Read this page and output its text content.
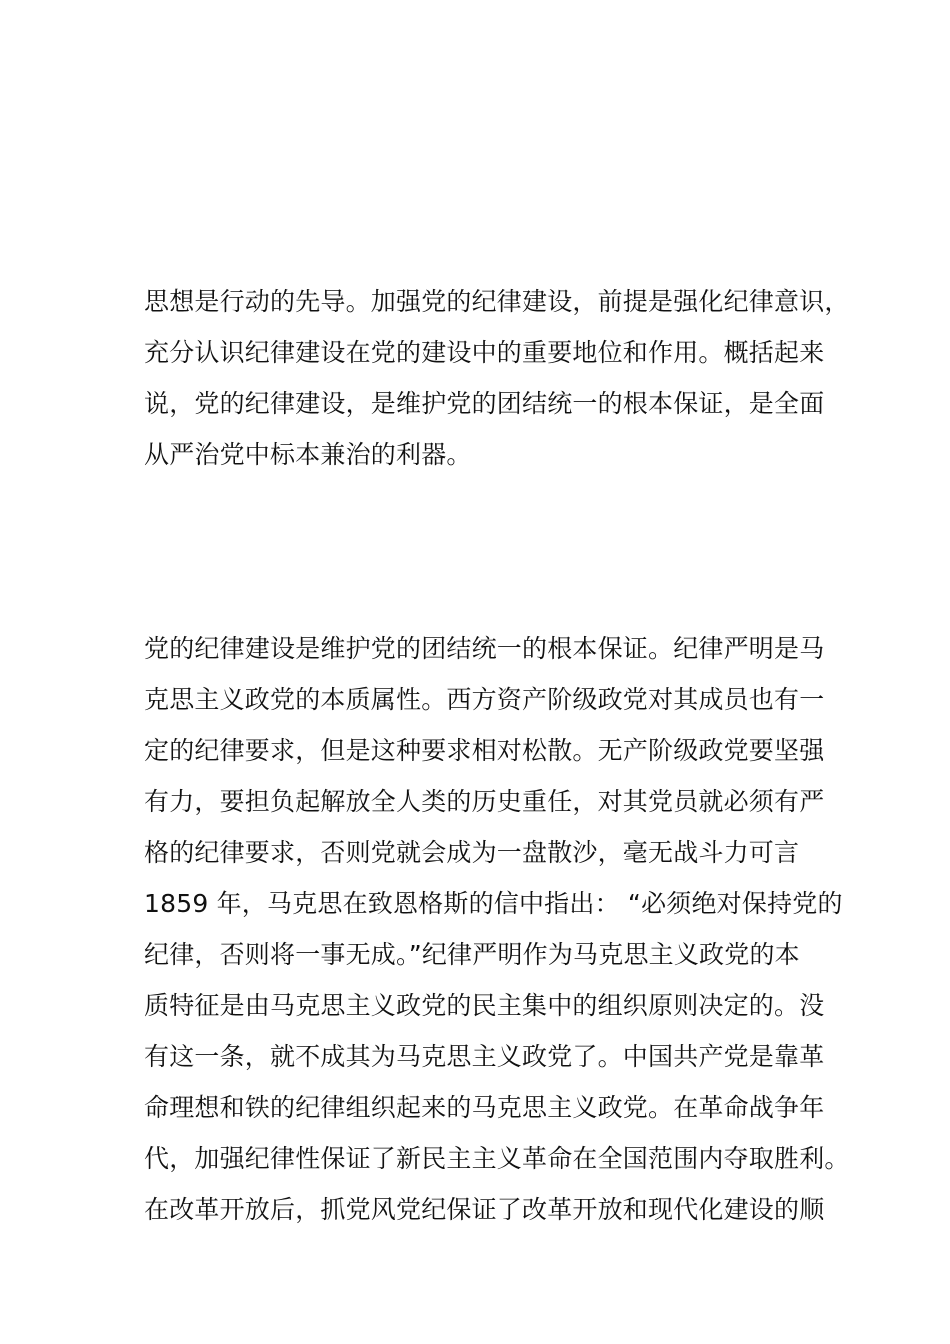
思想是行动的先导。加强党的纪律建设，前提是强化纪律意识，
充分认识纪律建设在党的建设中的重要地位和作用。概括起来
说，党的纪律建设，是维护党的团结统一的根本保证，是全面
从严治党中标本兼治的利器。
党的纪律建设是维护党的团结统一的根本保证。纪律严明是马
克思主义政党的本质属性。西方资产阶级政党对其成员也有一
定的纪律要求，但是这种要求相对松散。无产阶级政党要坚强
有力，要担负起解放全人类的历史重任，对其党员就必须有严
格的纪律要求，否则党就会成为一盘散沙，毫无战斗力可言
1859 年，马克思在致恩格斯的信中指出： “必须绝对保持党的
纪律，否则将一事无成。”纪律严明作为马克思主义政党的本
质特征是由马克思主义政党的民主集中的组织原则决定的。没
有这一条，就不成其为马克思主义政党了。中国共产党是靠革
命理想和铁的纪律组织起来的马克思主义政党。在革命战争年
代，加强纪律性保证了新民主主义革命在全国范围内夺取胜利。
在改革开放后，抓党风党纪保证了改革开放和现代化建设的顺
